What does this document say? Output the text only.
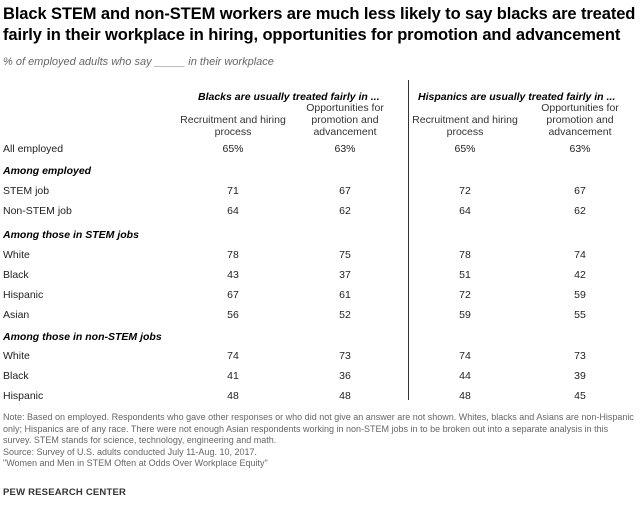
Black STEM and non-STEM workers are much less likely to say blacks are treated fairly in their workplace in hiring, opportunities for promotion and advancement
% of employed adults who say _____ in their workplace
Blacks are usually treated fairly in ...	Hispanics are usually treated fairly in ...
Recruitment and hiring process
Opportunities for promotion and advancement
Recruitment and hiring process
Opportunities for promotion and advancement
All employed	65%	63%	65%	63%
Among employed
STEM job	71	67	72	67
Non-STEM job	64	62	64	62
Among those in STEM jobs
White	78	75	78	74
Black	43	37	51	42
Hispanic	67	61	72	59
Asian	56	52	59	55
Among those in non-STEM jobs
White	74	73	74	73
Black	41	36	44	39
Hispanic	48	48	48	45
Note: Based on employed. Respondents who gave other responses or who did not give an answer are not shown. Whites, blacks and Asians are non-Hispanic only; Hispanics are of any race. There were not enough Asian respondents working in non-STEM jobs in to be broken out into a separate analysis in this survey. STEM stands for science, technology, engineering and math.
Source: Survey of U.S. adults conducted July 11-Aug. 10, 2017.
"Women and Men in STEM Often at Odds Over Workplace Equity"
PEW RESEARCH CENTER
